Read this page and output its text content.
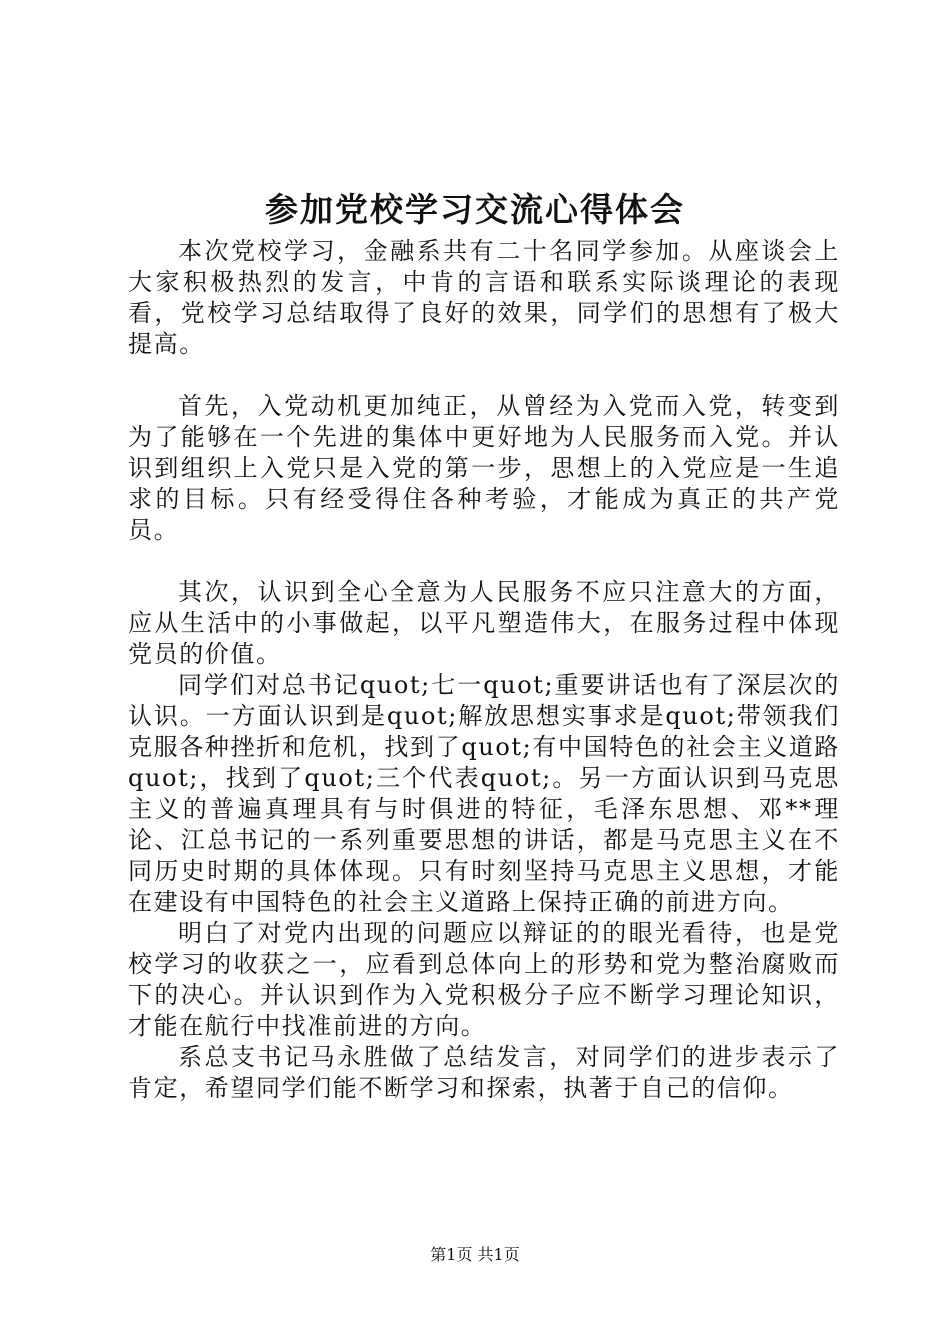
参加党校学习交流心得体会

本次党校学习，金融系共有二十名同学参加。从座谈会上大家积极热烈的发言，中肯的言语和联系实际谈理论的表现看，党校学习总结取得了良好的效果，同学们的思想有了极大提高。

首先，入党动机更加纯正，从曾经为入党而入党，转变到为了能够在一个先进的集体中更好地为人民服务而入党。并认识到组织上入党只是入党的第一步，思想上的入党应是一生追求的目标。只有经受得住各种考验，才能成为真正的共产党员。

其次，认识到全心全意为人民服务不应只注意大的方面，应从生活中的小事做起，以平凡塑造伟大，在服务过程中体现党员的价值。

同学们对总书记quot;七一quot;重要讲话也有了深层次的认识。一方面认识到是quot;解放思想实事求是quot;带领我们克服各种挫折和危机，找到了quot;有中国特色的社会主义道路quot;，找到了quot;三个代表quot;。另一方面认识到马克思主义的普遍真理具有与时俱进的特征，毛泽东思想、邓**理论、江总书记的一系列重要思想的讲话，都是马克思主义在不同历史时期的具体体现。只有时刻坚持马克思主义思想，才能在建设有中国特色的社会主义道路上保持正确的前进方向。

明白了对党内出现的问题应以辩证的的眼光看待，也是党校学习的收获之一，应看到总体向上的形势和党为整治腐败而下的决心。并认识到作为入党积极分子应不断学习理论知识，才能在航行中找准前进的方向。

系总支书记马永胜做了总结发言，对同学们的进步表示了肯定，希望同学们能不断学习和探索，执著于自己的信仰。

第1页 共1页
